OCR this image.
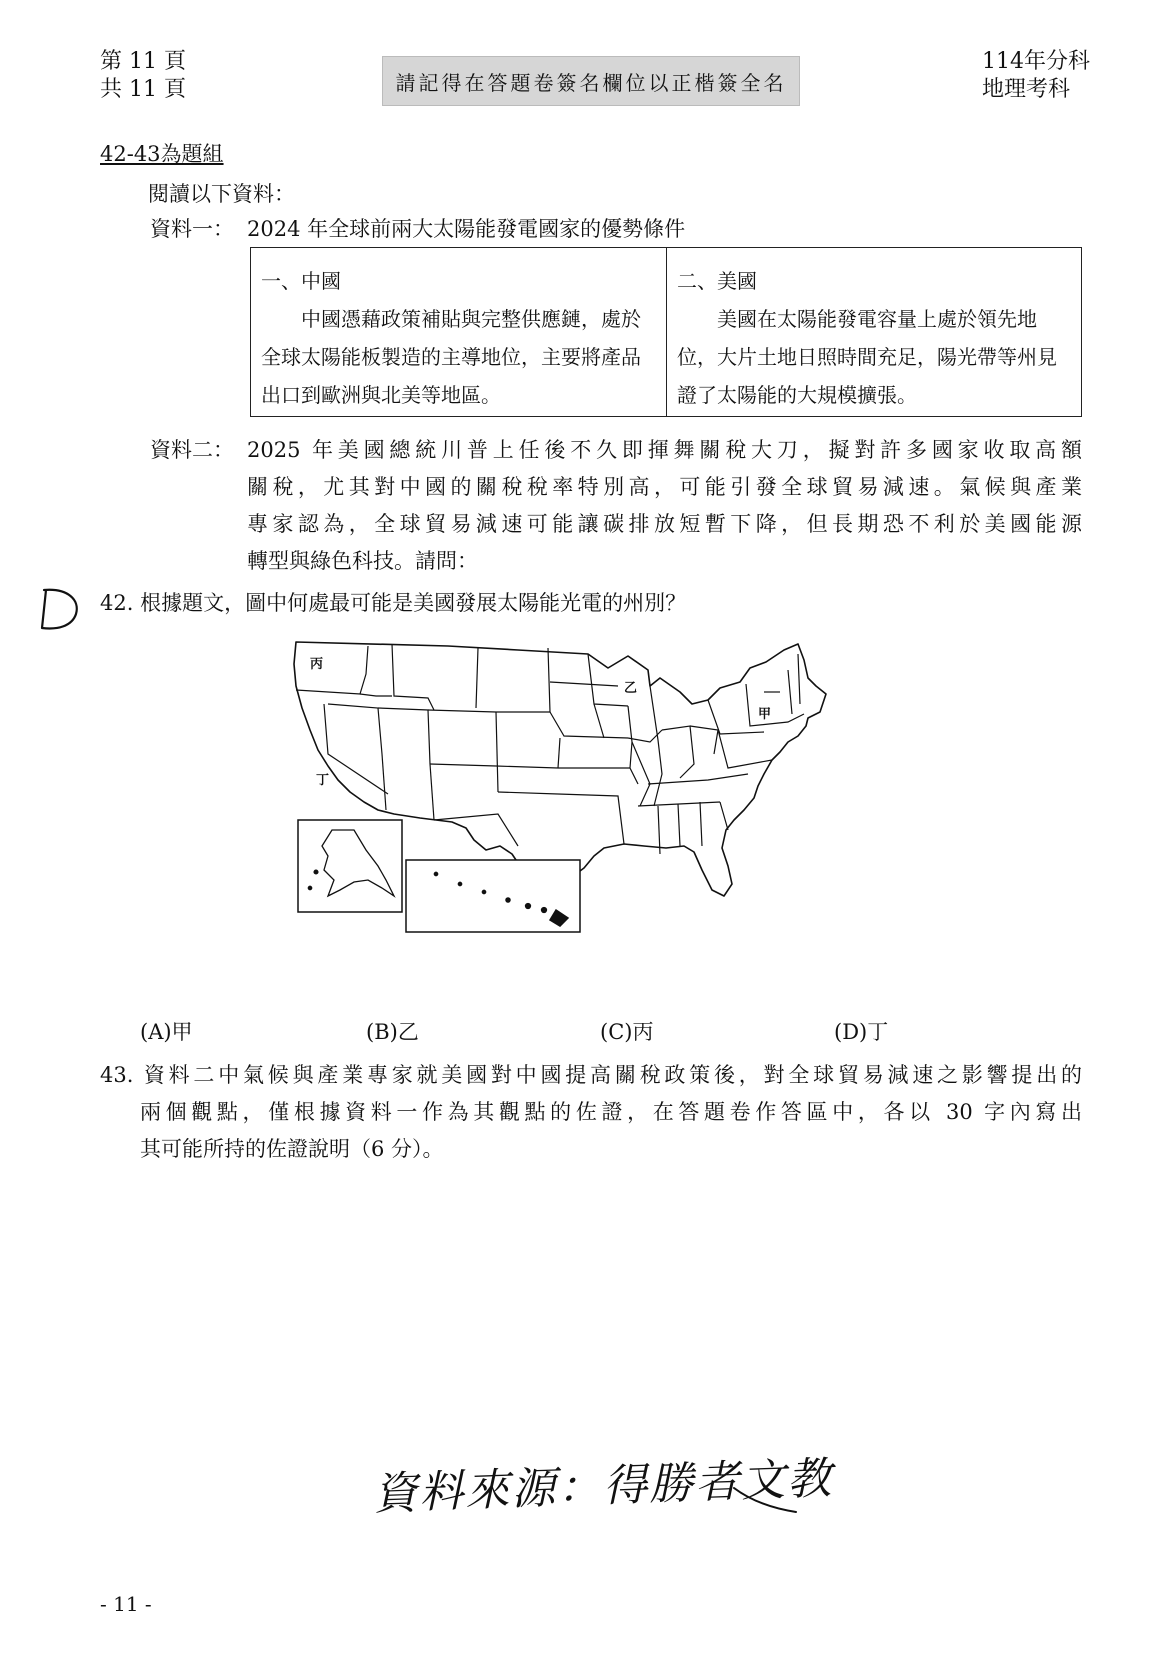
第 11 頁
共 11 頁	請記得在答題卷簽名欄位以正楷簽全名
114年分科
地理考科
42-43為題組
閱讀以下資料：
資料一： 2024 年全球前兩大太陽能發電國家的優勢條件
一、中國
中國憑藉政策補貼與完整供應鏈，處於全球太陽能板製造的主導地位，主要將產品出口到歐洲與北美等地區。
二、美國
美國在太陽能發電容量上處於領先地位，大片土地日照時間充足，陽光帶等州見證了太陽能的大規模擴張。
資料二： 2025 年美國總統川普上任後不久即揮舞關稅大刀，擬對許多國家收取高額
關稅，尤其對中國的關稅稅率特別高，可能引發全球貿易減速。氣候與產業
專家認為，全球貿易減速可能讓碳排放短暫下降，但長期恐不利於美國能源
轉型與綠色科技。請問：
42. 根據題文，圖中何處最可能是美國發展太陽能光電的州別？
丙
乙
甲
丁
(A)甲	(B)乙	(C)丙	(D)丁
43. 資料二中氣候與產業專家就美國對中國提高關稅政策後，對全球貿易減速之影響提出的
兩個觀點，僅根據資料一作為其觀點的佐證，在答題卷作答區中，各以 30 字內寫出
其可能所持的佐證說明（6 分）。
資料來源：得勝者文教
- 11 -
